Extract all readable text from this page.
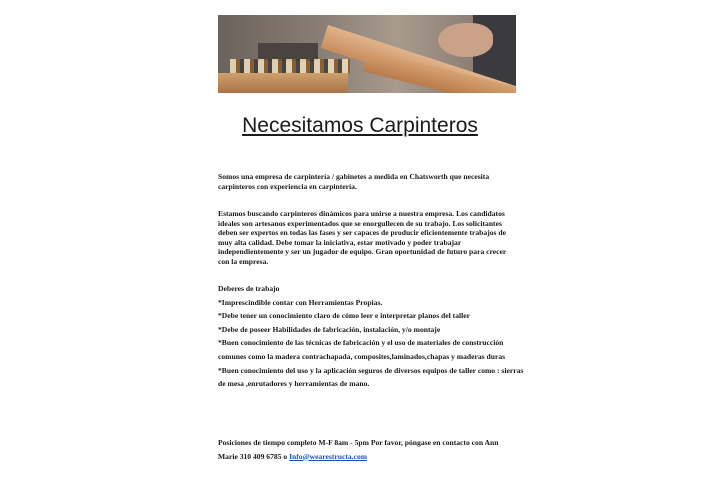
Necesitamos Carpinteros

Somos una empresa de carpintería / gabinetes a medida en Chatsworth que necesita carpinteros con experiencia en carpintería.

Estamos buscando carpinteros dinámicos para unirse a nuestra empresa. Los candidatos ideales son artesanos experimentados que se enorgullecen de su trabajo. Los solicitantes deben ser expertos en todas las fases y ser capaces de producir eficientemente trabajos de muy alta calidad. Debe tomar la iniciativa, estar motivado y poder trabajar independientemente y ser un jugador de equipo. Gran oportunidad de futuro para crecer con la empresa.

Deberes de trabajo
*Imprescindible contar con Herramientas Propias.
*Debe tener un conocimiento claro de cómo leer e interpretar planos del taller
*Debe de poseer Habilidades de fabricación, instalación, y/o montaje
*Buen conocimiento de las técnicas de fabricación y el uso de materiales de construcción comunes como la madera contrachapada, composites,laminados,chapas y maderas duras
*Buen conocimiento del uso y la aplicación seguros de diversos equipos de taller como : sierras de mesa ,enrutadores y herramientas de mano.

Posiciones de tiempo completo M-F 8am - 5pm Por favor, póngase en contacto con Ann Marie 310 409 6785 o Info@wearestructa.com
